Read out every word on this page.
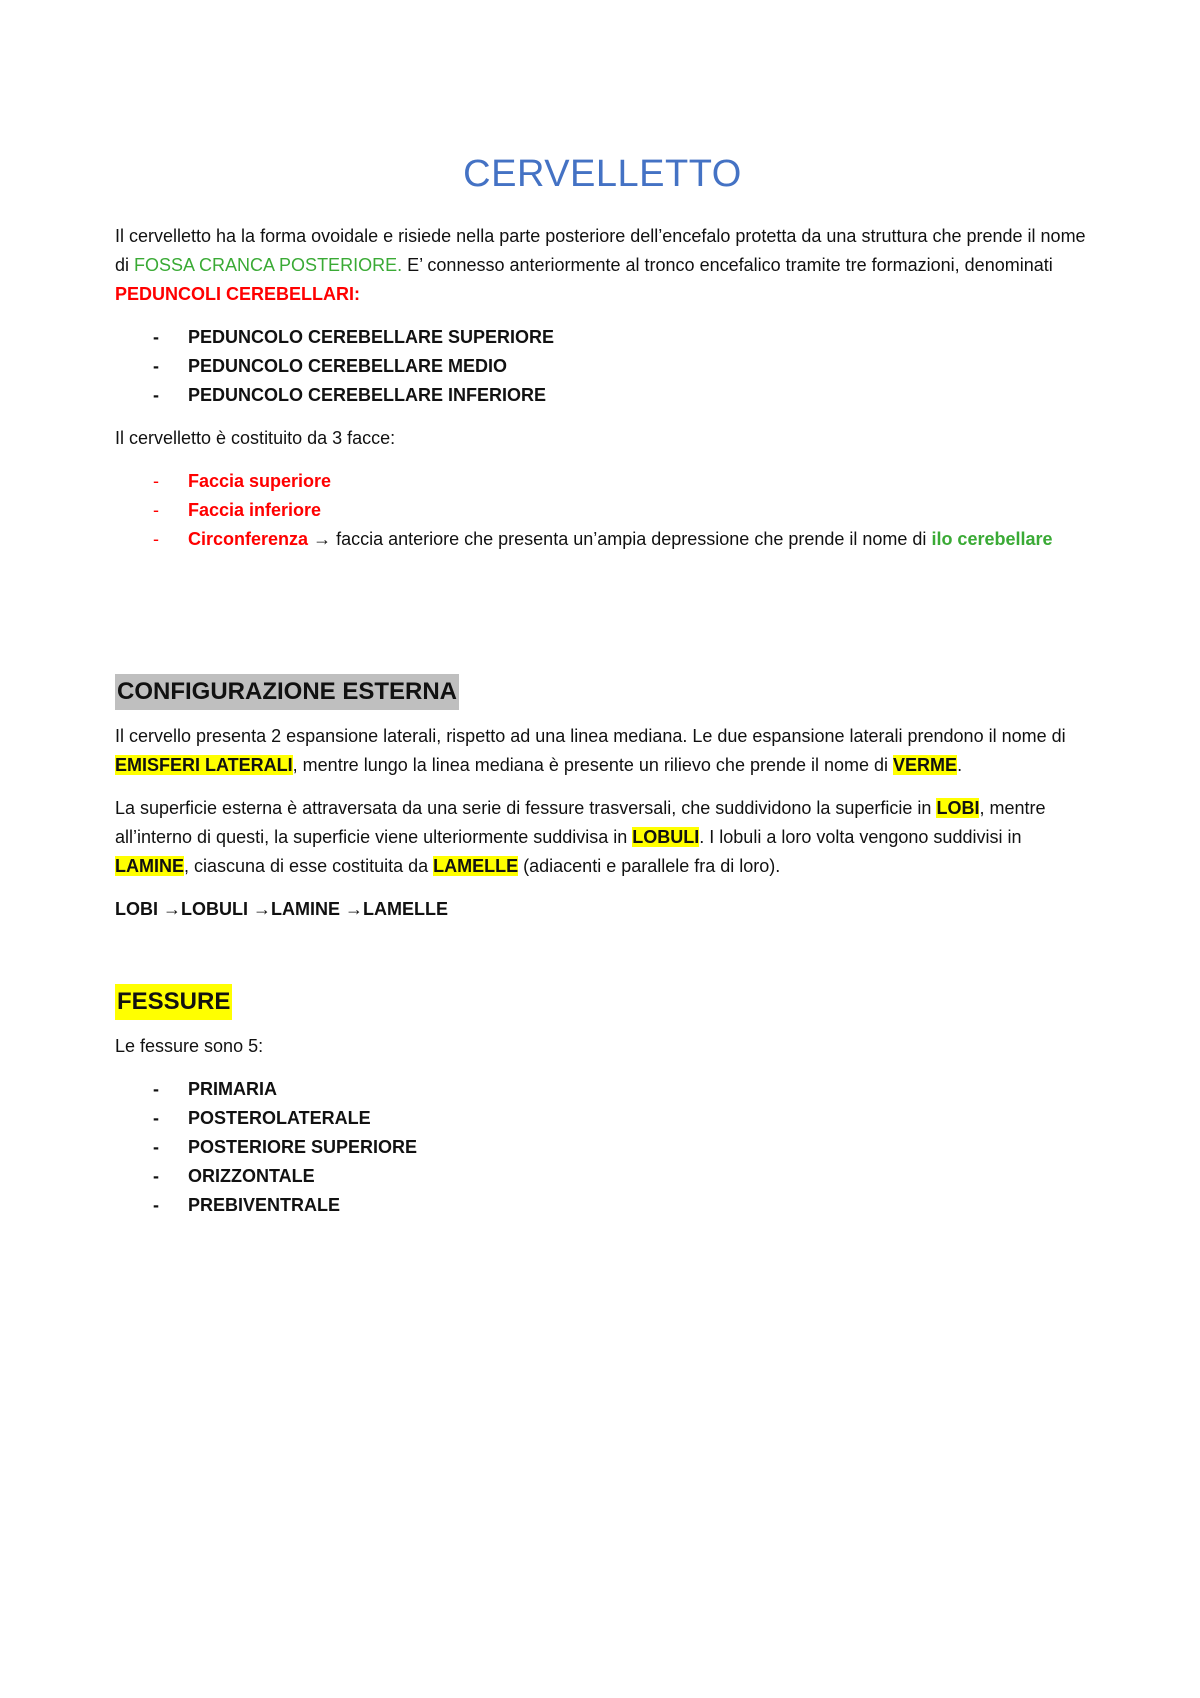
CERVELLETTO

Il cervelletto ha la forma ovoidale e risiede nella parte posteriore dell’encefalo protetta da una struttura che prende il nome di FOSSA CRANCA POSTERIORE. E’ connesso anteriormente al tronco encefalico tramite tre formazioni, denominati PEDUNCOLI CEREBELLARI:

- PEDUNCOLO CEREBELLARE SUPERIORE
- PEDUNCOLO CEREBELLARE MEDIO
- PEDUNCOLO CEREBELLARE INFERIORE

Il cervelletto è costituito da 3 facce:

- Faccia superiore
- Faccia inferiore
- Circonferenza → faccia anteriore che presenta un’ampia depressione che prende il nome di ilo cerebellare
CONFIGURAZIONE ESTERNA

Il cervello presenta 2 espansione laterali, rispetto ad una linea mediana. Le due espansione laterali prendono il nome di EMISFERI LATERALI, mentre lungo la linea mediana è presente un rilievo che prende il nome di VERME.

La superficie esterna è attraversata da una serie di fessure trasversali, che suddividono la superficie in LOBI, mentre all’interno di questi, la superficie viene ulteriormente suddivisa in LOBULI. I lobuli a loro volta vengono suddivisi in LAMINE, ciascuna di esse costituita da LAMELLE (adiacenti e parallele fra di loro).

LOBI →LOBULI →LAMINE →LAMELLE

FESSURE

Le fessure sono 5:

- PRIMARIA
- POSTEROLATERALE
- POSTERIORE SUPERIORE
- ORIZZONTALE
- PREBIVENTRALE
